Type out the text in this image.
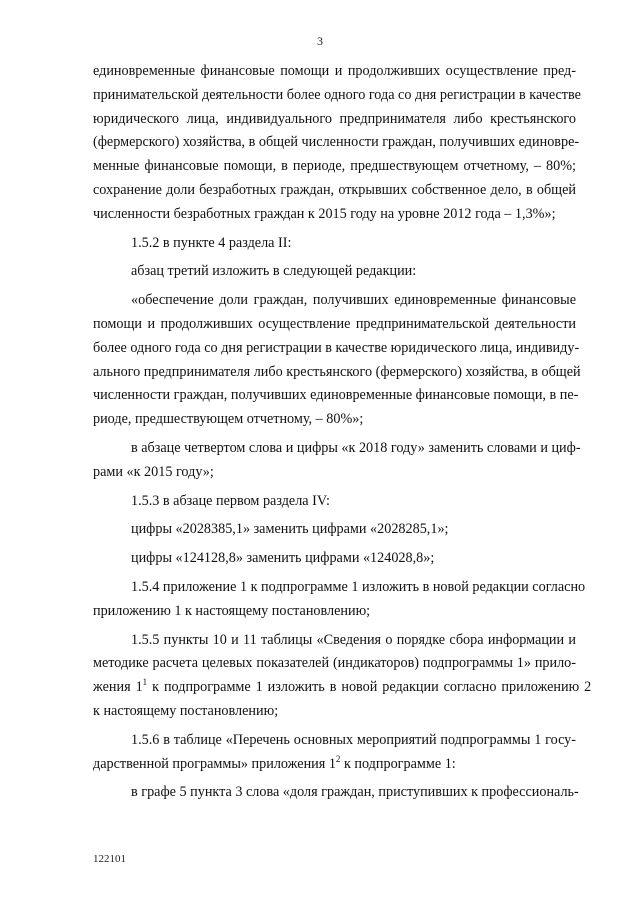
3
единовременные финансовые помощи и продолживших осуществление пред-
принимательской деятельности более одного года со дня регистрации в качестве
юридического лица, индивидуального предпринимателя либо крестьянского
(фермерского) хозяйства, в общей численности граждан, получивших единовре-
менные финансовые помощи, в периоде, предшествующем отчетному, – 80%;
сохранение доли безработных граждан, открывших собственное дело, в общей
численности безработных граждан к 2015 году на уровне 2012 года – 1,3%»;
1.5.2 в пункте 4 раздела II:
абзац третий изложить в следующей редакции:
«обеспечение доли граждан, получивших единовременные финансовые
помощи и продолживших осуществление предпринимательской деятельности
более одного года со дня регистрации в качестве юридического лица, индивиду-
ального предпринимателя либо крестьянского (фермерского) хозяйства, в общей
численности граждан, получивших единовременные финансовые помощи, в пе-
риоде, предшествующем отчетному, – 80%»;
в абзаце четвертом слова и цифры «к 2018 году» заменить словами и циф-
рами «к 2015 году»;
1.5.3 в абзаце первом раздела IV:
цифры «2028385,1» заменить цифрами «2028285,1»;
цифры «124128,8» заменить цифрами «124028,8»;
1.5.4 приложение 1 к подпрограмме 1 изложить в новой редакции согласно
приложению 1 к настоящему постановлению;
1.5.5 пункты 10 и 11 таблицы «Сведения о порядке сбора информации и
методике расчета целевых показателей (индикаторов) подпрограммы 1» прило-
жения $1^1$ к подпрограмме 1 изложить в новой редакции согласно приложению 2
к настоящему постановлению;
1.5.6 в таблице «Перечень основных мероприятий подпрограммы 1 госу-
дарственной программы» приложения $1^2$ к подпрограмме 1:
в графе 5 пункта 3 слова «доля граждан, приступивших к профессиональ-
122101
